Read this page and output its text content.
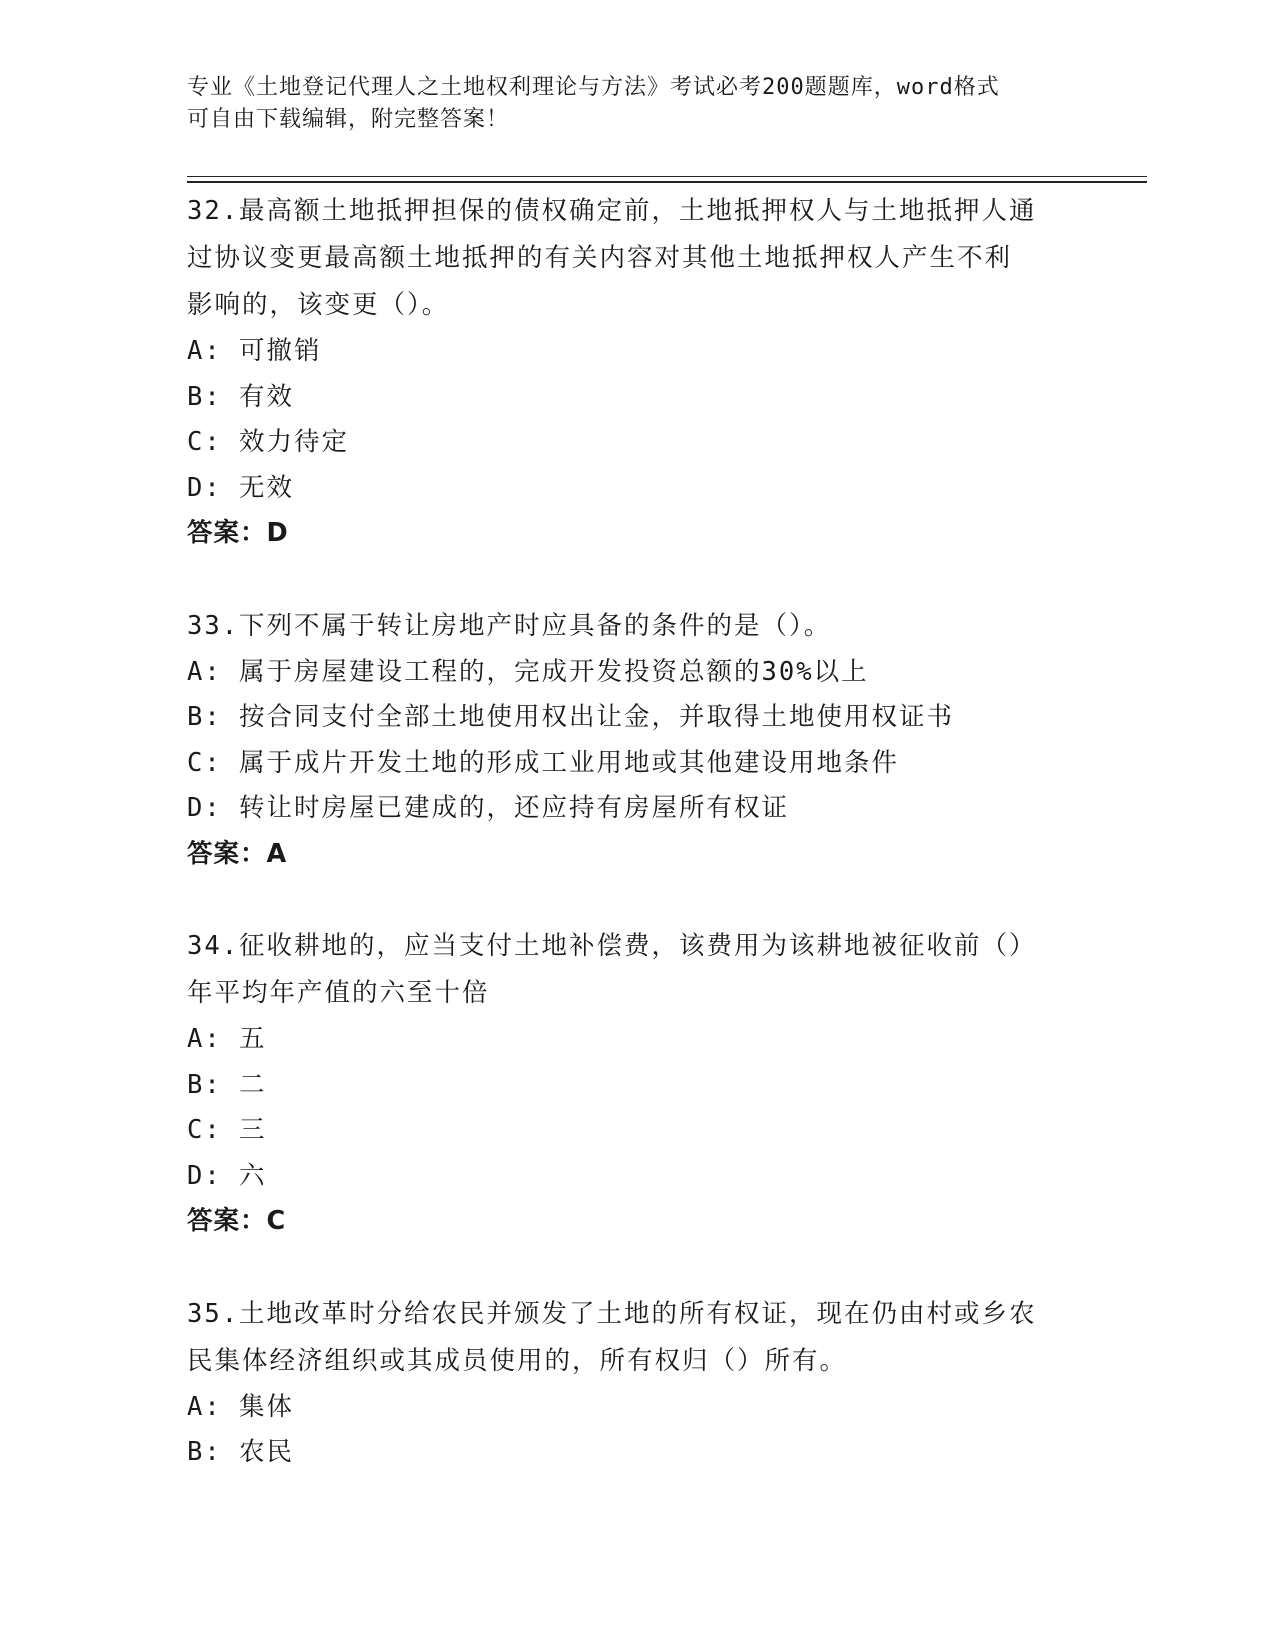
专业《土地登记代理人之土地权利理论与方法》考试必考200题题库，word格式
可自由下载编辑，附完整答案！

32.最高额土地抵押担保的债权确定前，土地抵押权人与土地抵押人通

过协议变更最高额土地抵押的有关内容对其他土地抵押权人产生不利

影响的，该变更（）。

A: 可撤销

B: 有效

C: 效力待定

D: 无效

答案：D

33.下列不属于转让房地产时应具备的条件的是（）。

A: 属于房屋建设工程的，完成开发投资总额的30%以上

B: 按合同支付全部土地使用权出让金，并取得土地使用权证书

C: 属于成片开发土地的形成工业用地或其他建设用地条件

D: 转让时房屋已建成的，还应持有房屋所有权证

答案：A

34.征收耕地的，应当支付土地补偿费，该费用为该耕地被征收前（）

年平均年产值的六至十倍

A: 五

B: 二

C: 三

D: 六

答案：C

35.土地改革时分给农民并颁发了土地的所有权证，现在仍由村或乡农

民集体经济组织或其成员使用的，所有权归（）所有。

A: 集体

B: 农民
